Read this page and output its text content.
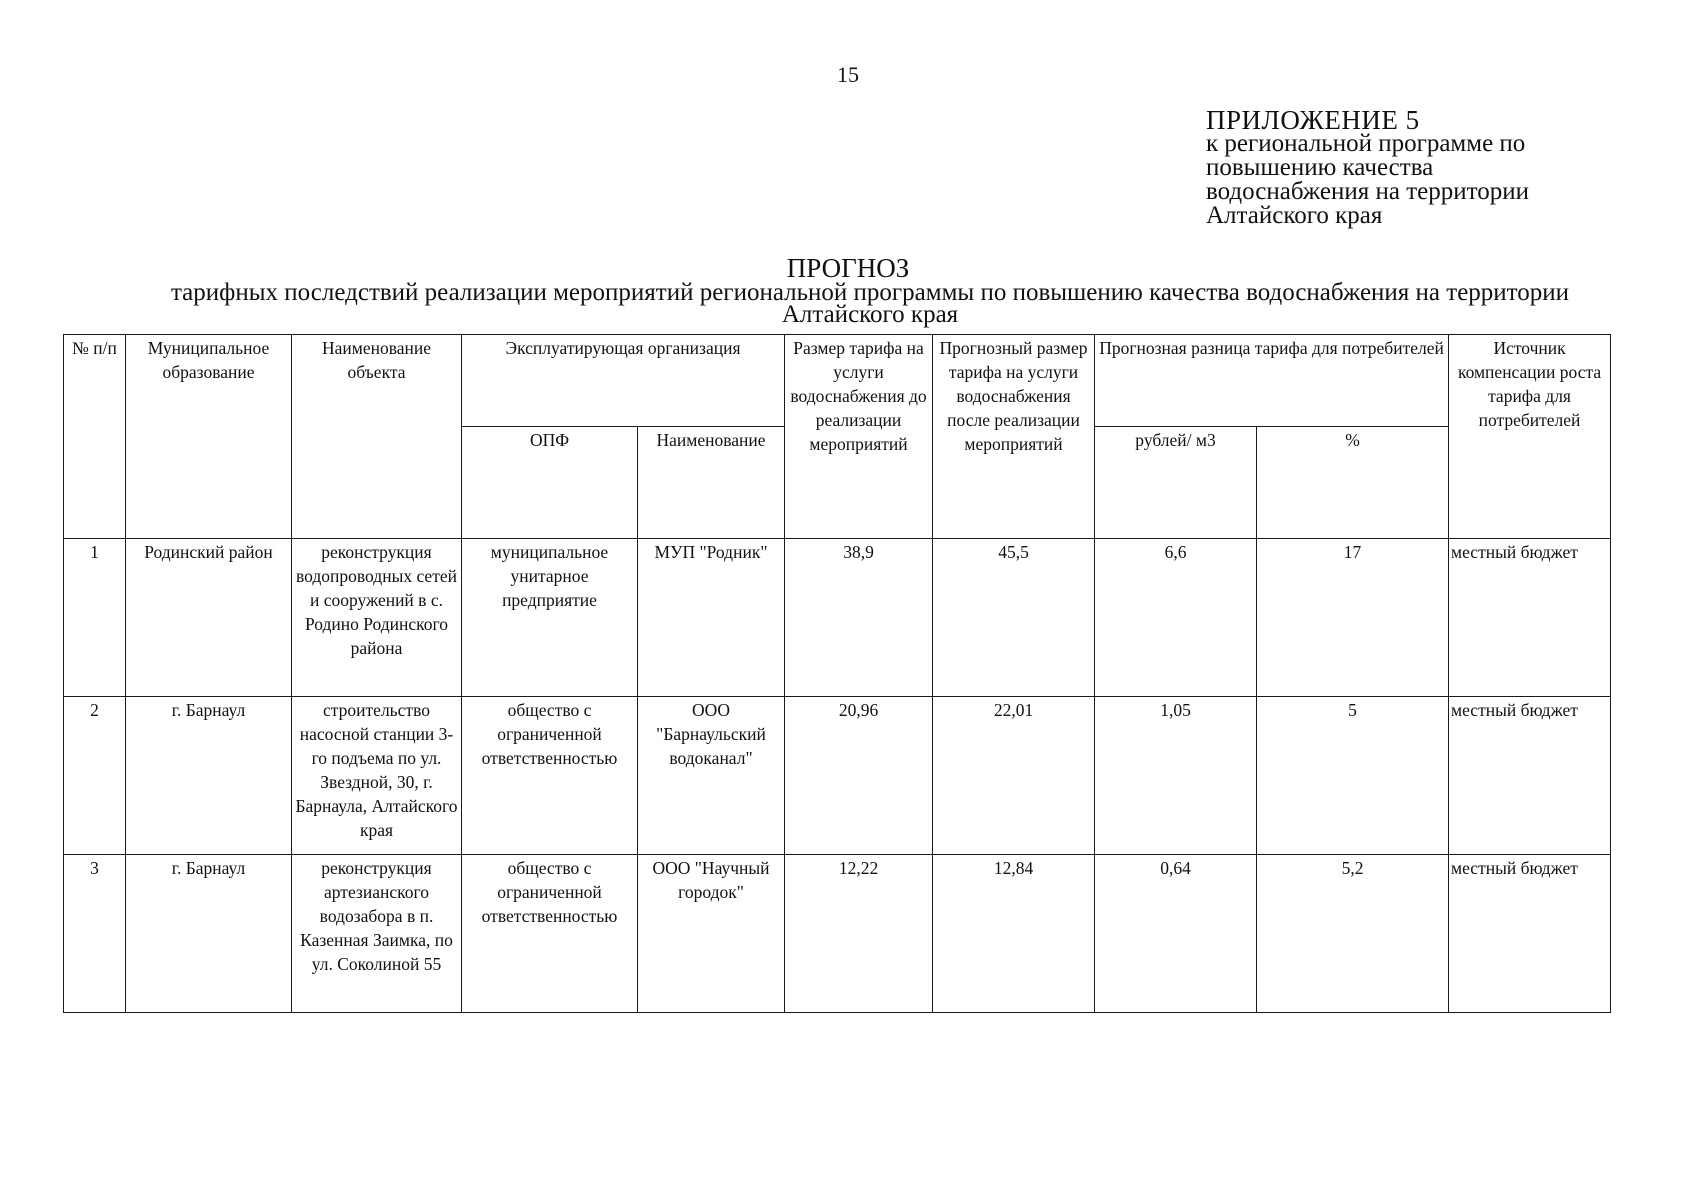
15
ПРИЛОЖЕНИЕ 5
к региональной программе по
повышению качества
водоснабжения на территории
Алтайского края
ПРОГНОЗ
тарифных последствий реализации мероприятий региональной программы по повышению качества водоснабжения на территории Алтайского края
№ п/п	Муниципальное образование	Наименование объекта	Эксплуатирующая организация		Размер тарифа на услуги водоснабжения до реализации мероприятий	Прогнозный размер тарифа на услуги водоснабжения после реализации мероприятий	Прогнозная разница тарифа для потребителей		Источник компенсации роста тарифа для потребителей
			ОПФ	Наименование			рублей/ м3	%	
1	Родинский район	реконструкция водопроводных сетей и сооружений в с. Родино Родинского района	муниципальное унитарное предприятие	МУП "Родник"	38,9	45,5	6,6	17	местный бюджет
2	г. Барнаул	строительство насосной станции 3-го подъема по ул. Звездной, 30, г. Барнаула, Алтайского края	общество с ограниченной ответственностью	ООО "Барнаульский водоканал"	20,96	22,01	1,05	5	местный бюджет
3	г. Барнаул	реконструкция артезианского водозабора в п. Казенная Заимка, по ул. Соколиной 55	общество с ограниченной ответственностью	ООО "Научный городок"	12,22	12,84	0,64	5,2	местный бюджет
